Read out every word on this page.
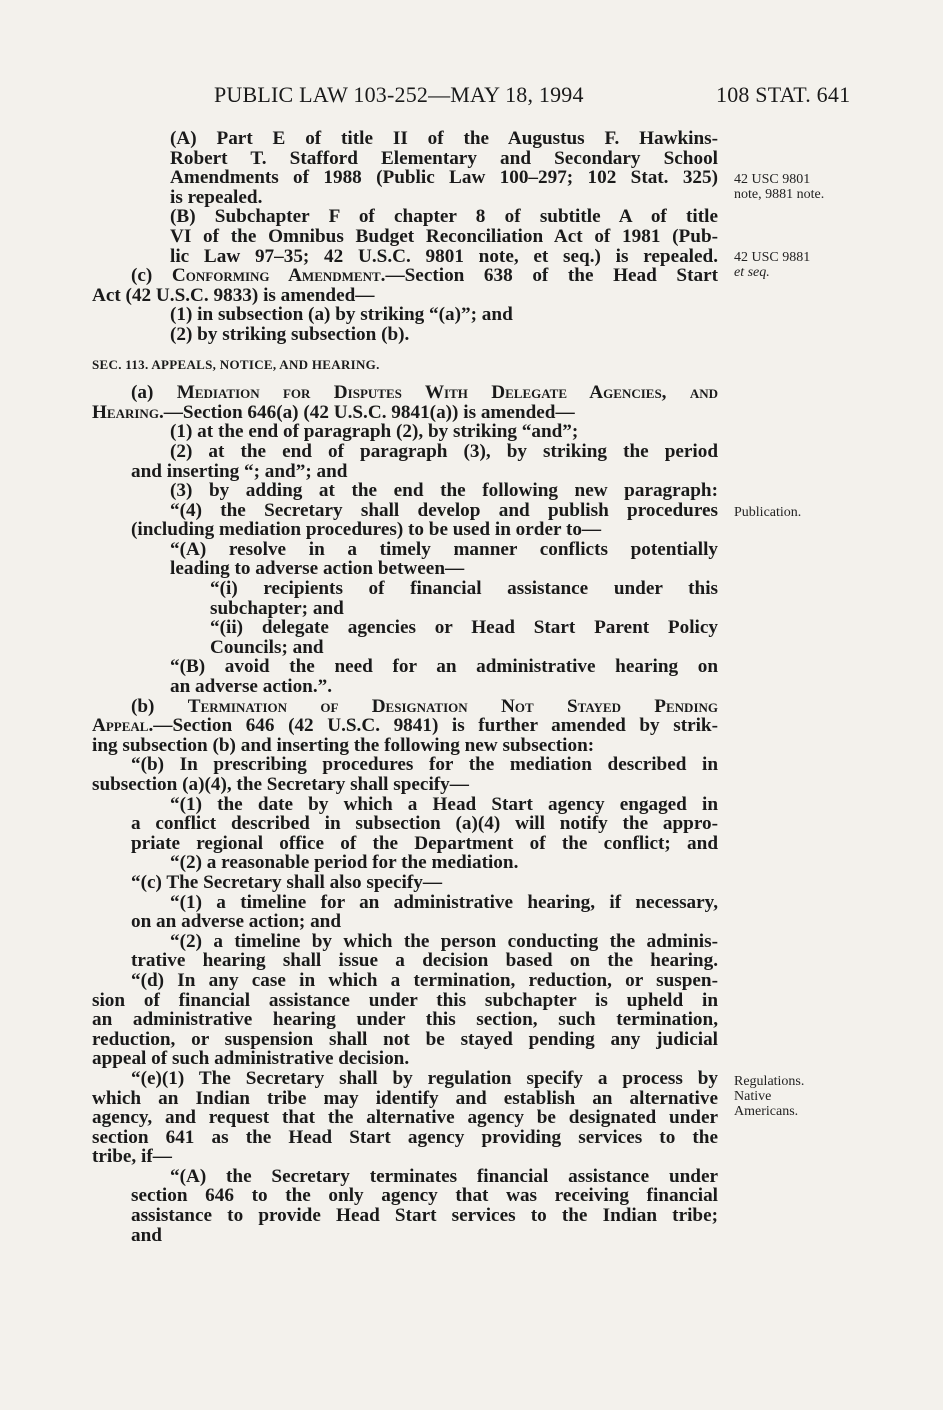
PUBLIC LAW 103-252—MAY 18, 1994	108 STAT. 641
42 USC 9801
note, 9881 note.
42 USC 9881
et seq.
Publication.
Regulations.
Native
Americans.
(A) Part E of title II of the Augustus F. Hawkins-
Robert T. Stafford Elementary and Secondary School
Amendments of 1988 (Public Law 100–297; 102 Stat. 325)
is repealed.
(B) Subchapter F of chapter 8 of subtitle A of title
VI of the Omnibus Budget Reconciliation Act of 1981 (Pub-
lic Law 97–35; 42 U.S.C. 9801 note, et seq.) is repealed.
(c) Conforming Amendment.—Section 638 of the Head Start
Act (42 U.S.C. 9833) is amended—
(1) in subsection (a) by striking “(a)”; and
(2) by striking subsection (b).
SEC. 113. APPEALS, NOTICE, AND HEARING.
(a) Mediation for Disputes With Delegate Agencies, and
Hearing.—Section 646(a) (42 U.S.C. 9841(a)) is amended—
(1) at the end of paragraph (2), by striking “and”;
(2) at the end of paragraph (3), by striking the period
and inserting “; and”; and
(3) by adding at the end the following new paragraph:
“(4) the Secretary shall develop and publish procedures
(including mediation procedures) to be used in order to—
“(A) resolve in a timely manner conflicts potentially
leading to adverse action between—
“(i) recipients of financial assistance under this
subchapter; and
“(ii) delegate agencies or Head Start Parent Policy
Councils; and
“(B) avoid the need for an administrative hearing on
an adverse action.”.
(b) Termination of Designation Not Stayed Pending
Appeal.—Section 646 (42 U.S.C. 9841) is further amended by strik-
ing subsection (b) and inserting the following new subsection:
“(b) In prescribing procedures for the mediation described in
subsection (a)(4), the Secretary shall specify—
“(1) the date by which a Head Start agency engaged in
a conflict described in subsection (a)(4) will notify the appro-
priate regional office of the Department of the conflict; and
“(2) a reasonable period for the mediation.
“(c) The Secretary shall also specify—
“(1) a timeline for an administrative hearing, if necessary,
on an adverse action; and
“(2) a timeline by which the person conducting the adminis-
trative hearing shall issue a decision based on the hearing.
“(d) In any case in which a termination, reduction, or suspen-
sion of financial assistance under this subchapter is upheld in
an administrative hearing under this section, such termination,
reduction, or suspension shall not be stayed pending any judicial
appeal of such administrative decision.
“(e)(1) The Secretary shall by regulation specify a process by
which an Indian tribe may identify and establish an alternative
agency, and request that the alternative agency be designated under
section 641 as the Head Start agency providing services to the
tribe, if—
“(A) the Secretary terminates financial assistance under
section 646 to the only agency that was receiving financial
assistance to provide Head Start services to the Indian tribe;
and
